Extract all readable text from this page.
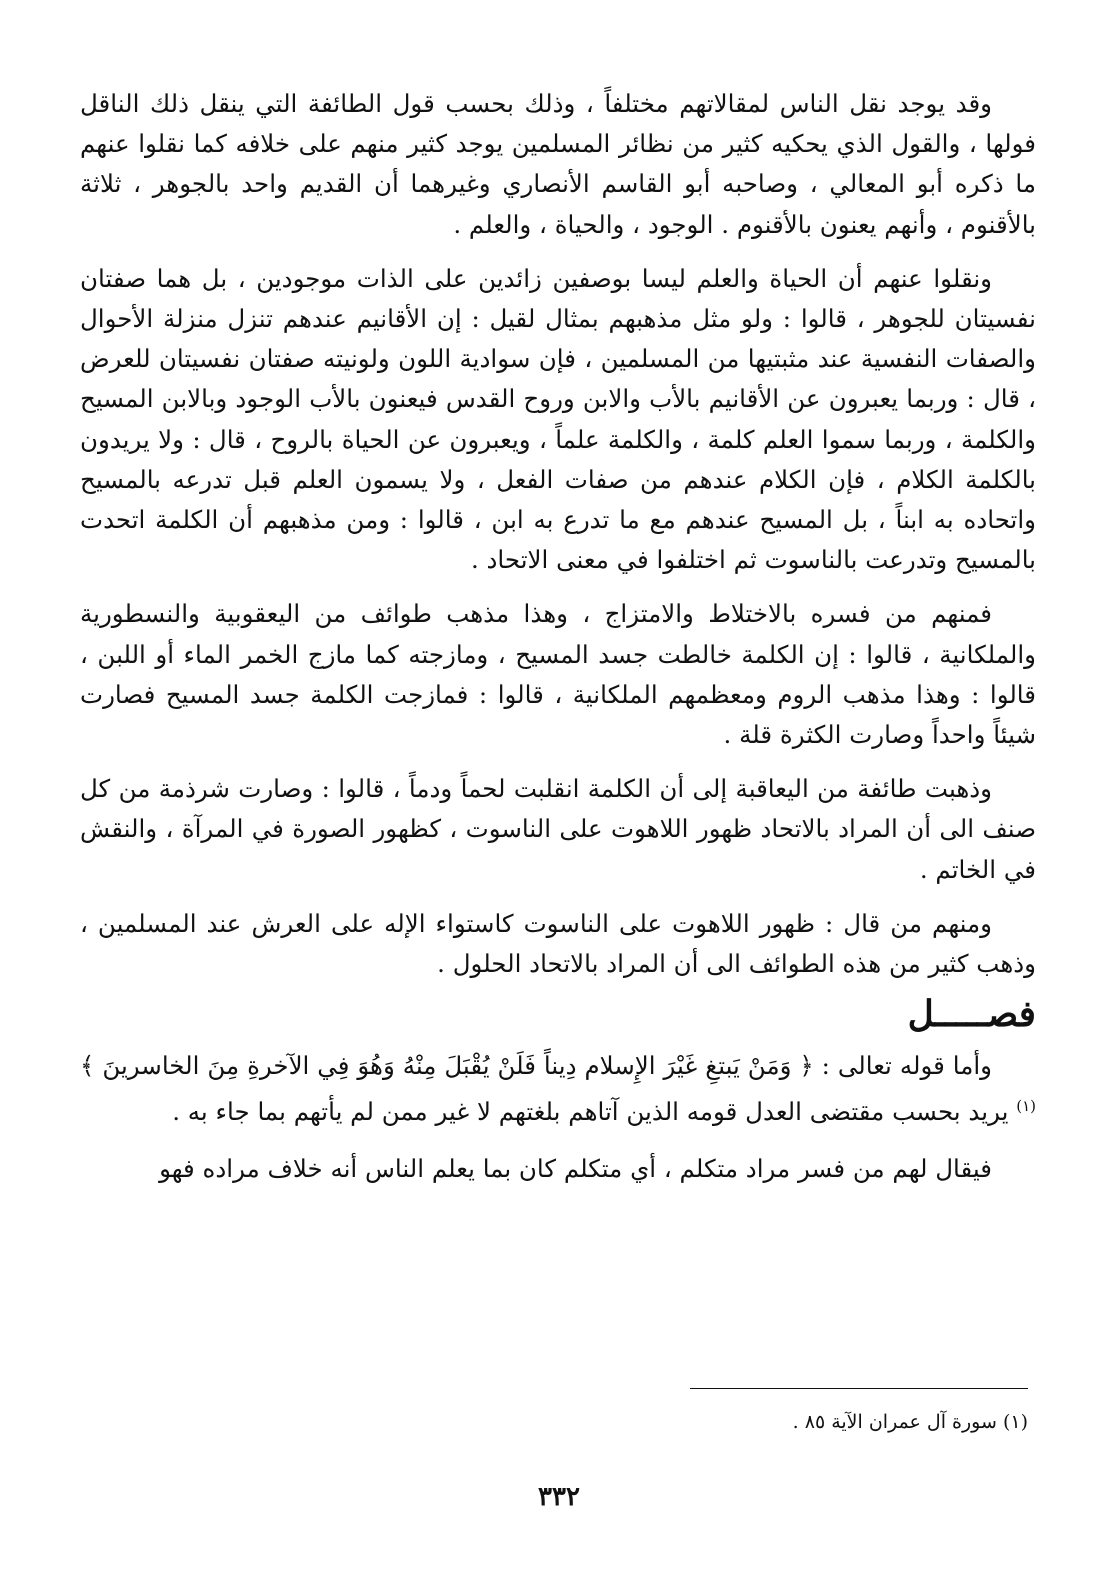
وقد يوجد نقل الناس لمقالاتهم مختلفاً ، وذلك بحسب قول الطائفة التي ينقل ذلك الناقل فولها ، والقول الذي يحكيه كثير من نظائر المسلمين يوجد كثير منهم على خلافه كما نقلوا عنهم ما ذكره أبو المعالي ، وصاحبه أبو القاسم الأنصاري وغيرهما أن القديم واحد بالجوهر ، ثلاثة بالأقنوم ، وأنهم يعنون بالأقنوم . الوجود ، والحياة ، والعلم .

ونقلوا عنهم أن الحياة والعلم ليسا بوصفين زائدين على الذات موجودين ، بل هما صفتان نفسيتان للجوهر ، قالوا : ولو مثل مذهبهم بمثال لقيل : إن الأقانيم عندهم تنزل منزلة الأحوال والصفات النفسية عند مثبتيها من المسلمين ، فإن سوادية اللون ولونيته صفتان نفسيتان للعرض ، قال : وربما يعبرون عن الأقانيم بالأب والابن وروح القدس فيعنون بالأب الوجود وبالابن المسيح والكلمة ، وربما سموا العلم كلمة ، والكلمة علماً ، ويعبرون عن الحياة بالروح ، قال : ولا يريدون بالكلمة الكلام ، فإن الكلام عندهم من صفات الفعل ، ولا يسمون العلم قبل تدرعه بالمسيح واتحاده به ابناً ، بل المسيح عندهم مع ما تدرع به ابن ، قالوا : ومن مذهبهم أن الكلمة اتحدت بالمسيح وتدرعت بالناسوت ثم اختلفوا في معنى الاتحاد .

فمنهم من فسره بالاختلاط والامتزاج ، وهذا مذهب طوائف من اليعقوبية والنسطورية والملكانية ، قالوا : إن الكلمة خالطت جسد المسيح ، ومازجته كما مازج الخمر الماء أو اللبن ، قالوا : وهذا مذهب الروم ومعظمهم الملكانية ، قالوا : فمازجت الكلمة جسد المسيح فصارت شيئاً واحداً وصارت الكثرة قلة .

وذهبت طائفة من اليعاقبة إلى أن الكلمة انقلبت لحماً ودماً ، قالوا : وصارت شرذمة من كل صنف الى أن المراد بالاتحاد ظهور اللاهوت على الناسوت ، كظهور الصورة في المرآة ، والنقش في الخاتم .

ومنهم من قال : ظهور اللاهوت على الناسوت كاستواء الإله على العرش عند المسلمين ، وذهب كثير من هذه الطوائف الى أن المراد بالاتحاد الحلول .

فصـــــل

وأما قوله تعالى : ﴿ وَمَنْ يَبتغِ غَيْرَ الإِسلام دِيناً فَلَنْ يُقْبَلَ مِنْهُ وَهُوَ فِي الآخرةِ مِنَ الخاسرينَ ﴾$^{(١)}$ يريد بحسب مقتضى العدل قومه الذين آتاهم بلغتهم لا غير ممن لم يأتهم بما جاء به .

فيقال لهم من فسر مراد متكلم ، أي متكلم كان بما يعلم الناس أنه خلاف مراده فهو

(١) سورة آل عمران الآية ٨٥ .
٣٣٢
